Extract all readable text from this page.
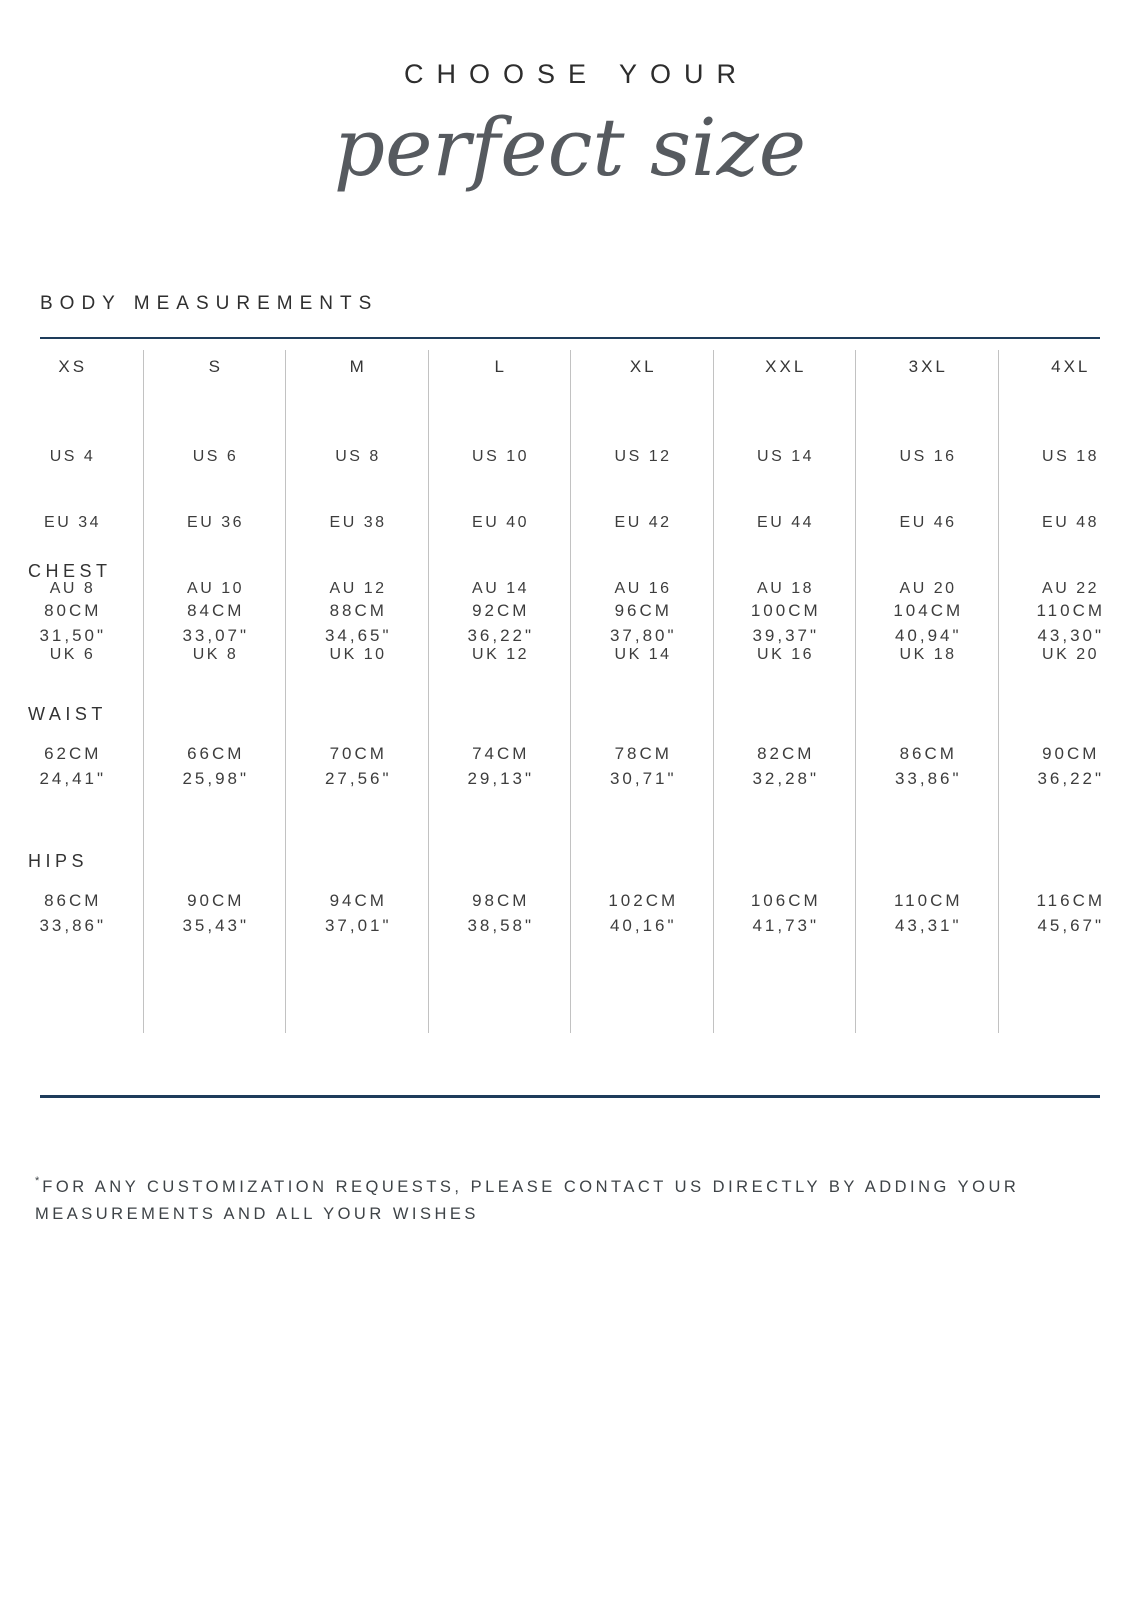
CHOOSE YOUR
perfect size
BODY MEASUREMENTS
XS

US 4

EU 34

AU 8

UK 6

CHEST
80CM
31,50"
WAIST
62CM
24,41"
HIPS
86CM
33,86"
S

US 6

EU 36

AU 10

UK 8

84CM
33,07"
66CM
25,98"
90CM
35,43"
M

US 8

EU 38

AU 12

UK 10

88CM
34,65"
70CM
27,56"
94CM
37,01"
L

US 10

EU 40

AU 14

UK 12

92CM
36,22"
74CM
29,13"
98CM
38,58"
XL

US 12

EU 42

AU 16

UK 14

96CM
37,80"
78CM
30,71"
102CM
40,16"
XXL

US 14

EU 44

AU 18

UK 16

100CM
39,37"
82CM
32,28"
106CM
41,73"
3XL

US 16

EU 46

AU 20

UK 18

104CM
40,94"
86CM
33,86"
110CM
43,31"
4XL

US 18

EU 48

AU 22

UK 20

110CM
43,30"
90CM
36,22"
116CM
45,67"
* FOR ANY CUSTOMIZATION REQUESTS, PLEASE CONTACT US DIRECTLY BY ADDING YOUR
MEASUREMENTS AND ALL YOUR WISHES
